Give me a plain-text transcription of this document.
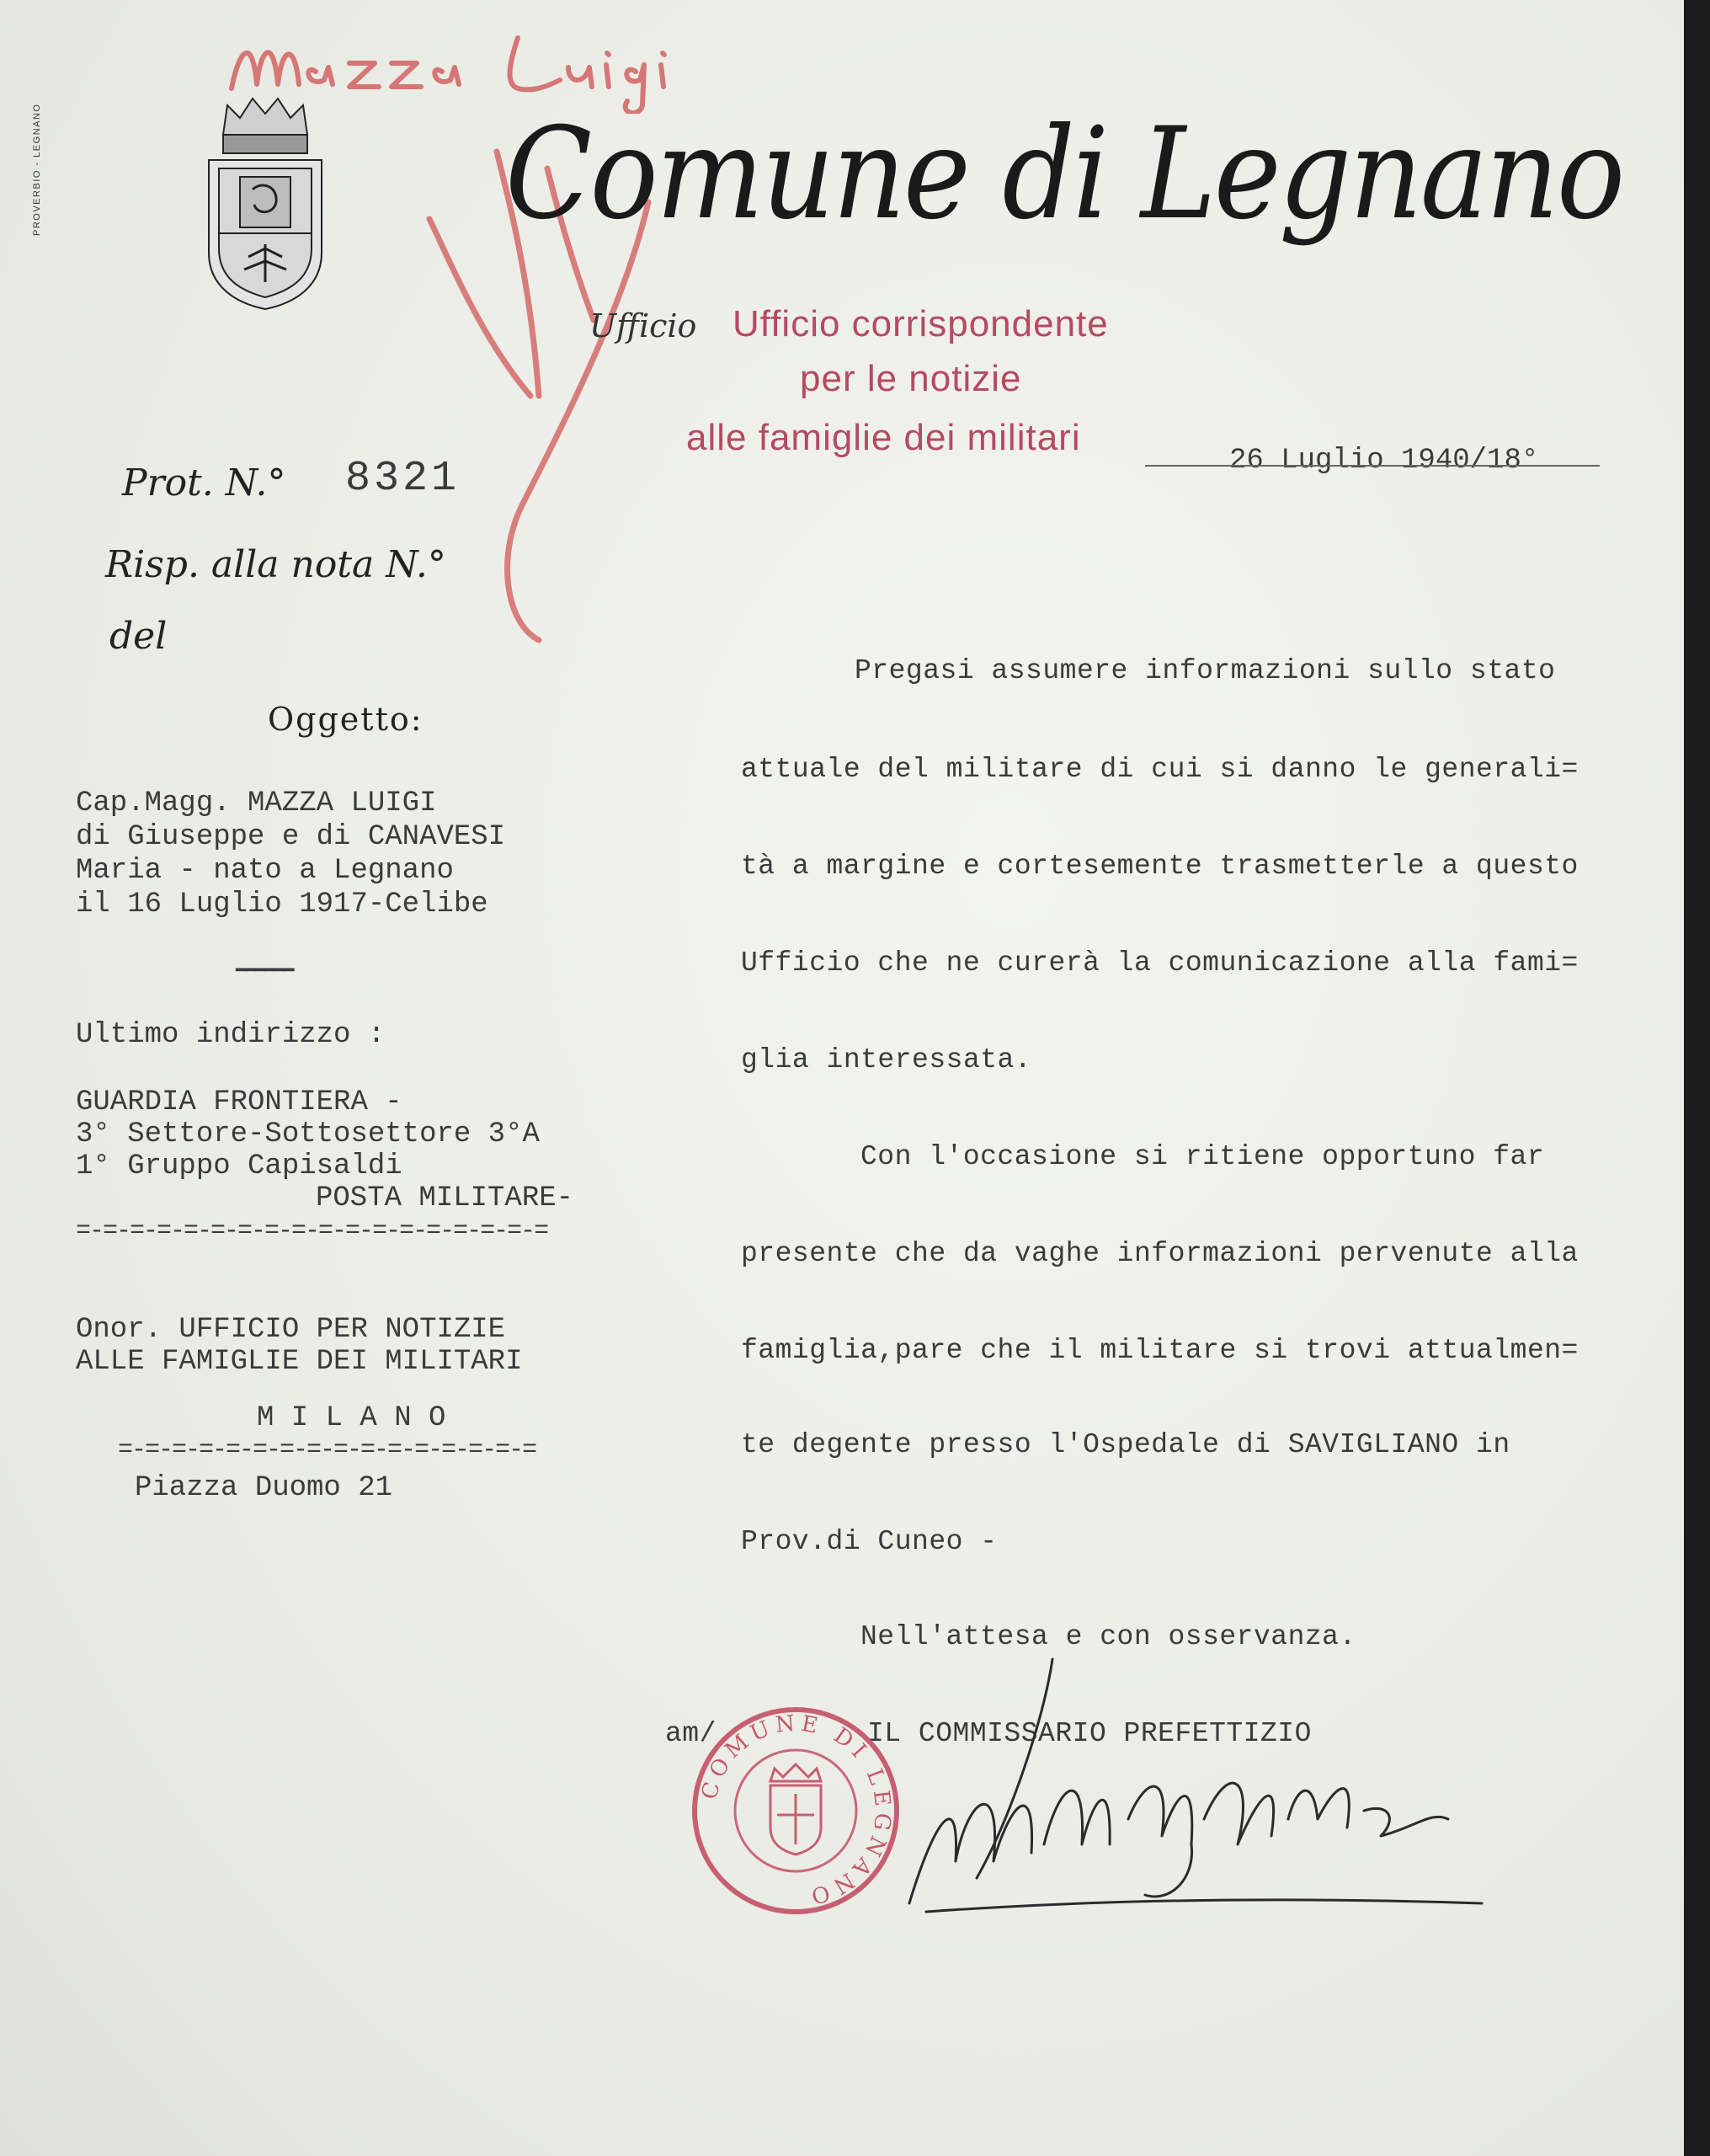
PROVERBIO - LEGNANO	Comune di Legnano
Ufficio Ufficio corrispondente
per le notizie
alle famiglie dei militari
26 Luglio 1940/18°
Prot. N.° 8321
Risp. alla nota N.°
del
Oggetto:
Cap.Magg. MAZZA LUIGI
di Giuseppe e di CANAVESI
Maria - nato a Legnano
il 16 Luglio 1917-Celibe
━━━━━━
Ultimo indirizzo :
GUARDIA FRONTIERA -
3° Settore-Sottosettore 3°A
1° Gruppo Capisaldi
POSTA MILITARE-
=-=-=-=-=-=-=-=-=-=-=-=-=-=-=-=-=-=
Onor. UFFICIO PER NOTIZIE
ALLE FAMIGLIE DEI MILITARI
M I L A N O
=-=-=-=-=-=-=-=-=-=-=-=-=-=-=-=
Piazza Duomo 21
Pregasi assumere informazioni sullo stato
attuale del militare di cui si danno le generali=
tà a margine e cortesemente trasmetterle a questo
Ufficio che ne curerà la comunicazione alla fami=
glia interessata.
Con l'occasione si ritiene opportuno far
presente che da vaghe informazioni pervenute alla
famiglia,pare che il militare si trovi attualmen=
te degente presso l'Ospedale di SAVIGLIANO in
Prov.di Cuneo -
Nell'attesa e con osservanza.
am/	IL COMMISSARIO PREFETTIZIO
COMUNE DI LEGNANO
